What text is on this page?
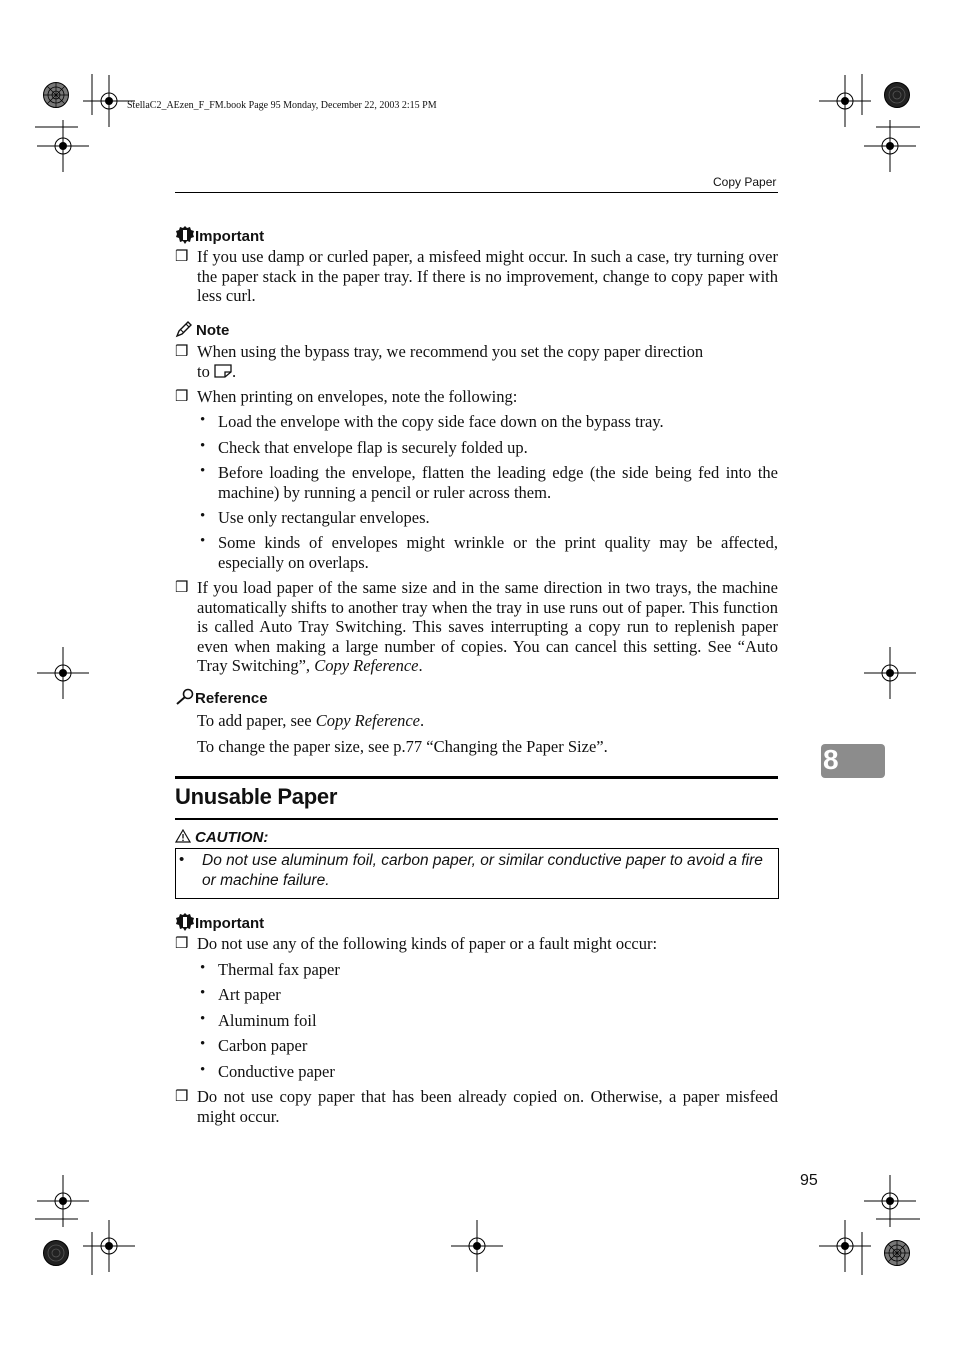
StellaC2_AEzen_F_FM.book Page 95 Monday, December 22, 2003 2:15 PM
Copy Paper
Important
❒ If you use damp or curled paper, a misfeed might occur. In such a case, try turning over the paper stack in the paper tray. If there is no improvement, change to copy paper with less curl.
Note
❒ When using the bypass tray, we recommend you set the copy paper direction
to .
❒ When printing on envelopes, note the following:
• Load the envelope with the copy side face down on the bypass tray.
• Check that envelope flap is securely folded up.
• Before loading the envelope, flatten the leading edge (the side being fed into the machine) by running a pencil or ruler across them.
• Use only rectangular envelopes.
• Some kinds of envelopes might wrinkle or the print quality may be affected, especially on overlaps.
❒ If you load paper of the same size and in the same direction in two trays, the machine automatically shifts to another tray when the tray in use runs out of paper. This function is called Auto Tray Switching. This saves interrupting a copy run to replenish paper even when making a large number of copies. You can cancel this setting. See “Auto Tray Switching”, Copy Reference.
Reference
To add paper, see Copy Reference.
To change the paper size, see p.77 “Changing the Paper Size”.
Unusable Paper
CAUTION:
• Do not use aluminum foil, carbon paper, or similar conductive paper to avoid a fire or machine failure.
Important
❒ Do not use any of the following kinds of paper or a fault might occur:
• Thermal fax paper
• Art paper
• Aluminum foil
• Carbon paper
• Conductive paper
❒ Do not use copy paper that has been already copied on. Otherwise, a paper misfeed might occur.
8
95
